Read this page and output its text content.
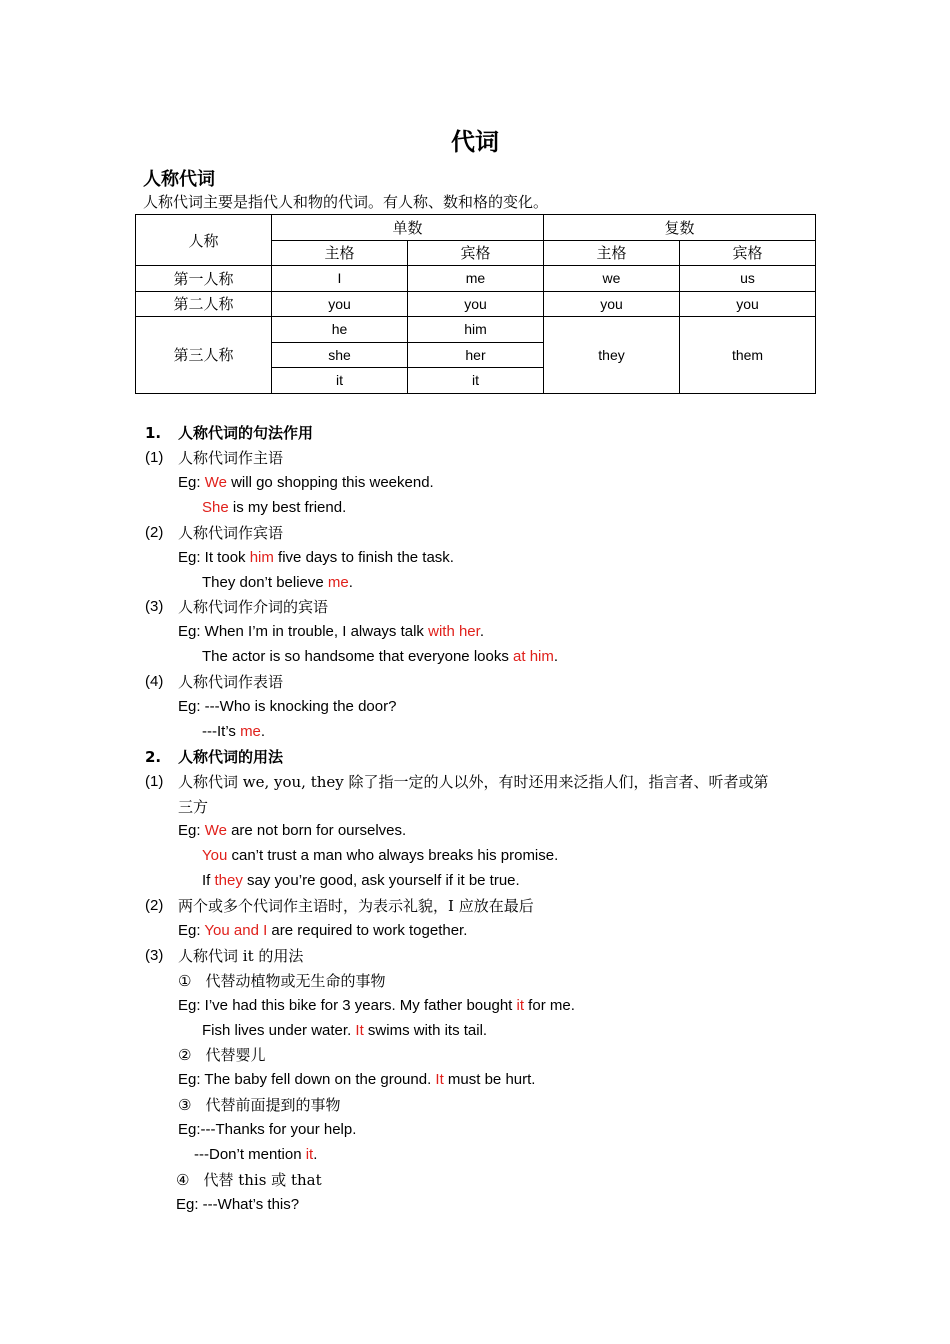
代词
人称代词
人称代词主要是指代人和物的代词。有人称、数和格的变化。
人称	单数		复数	
	主格	宾格	主格	宾格
第一人称	I	me	we	us
第二人称	you	you	you	you
第三人称	he	him	they	them
	she	her		
	it	it		
1. 人称代词的句法作用
(1) 人称代词作主语
Eg: We will go shopping this weekend.
She is my best friend.
(2) 人称代词作宾语
Eg: It took him five days to finish the task.
They don’t believe me.
(3) 人称代词作介词的宾语
Eg: When I’m in trouble, I always talk with her.
The actor is so handsome that everyone looks at him.
(4) 人称代词作表语
Eg: ---Who is knocking the door?
---It’s me.
2. 人称代词的用法
(1) 人称代词 we, you, they 除了指一定的人以外，有时还用来泛指人们，指言者、听者或第
三方
Eg: We are not born for ourselves.
You can’t trust a man who always breaks his promise.
If they say you’re good, ask yourself if it be true.
(2) 两个或多个代词作主语时，为表示礼貌，I 应放在最后
Eg: You and I are required to work together.
(3) 人称代词 it 的用法
① 代替动植物或无生命的事物
Eg: I’ve had this bike for 3 years. My father bought it for me.
Fish lives under water. It swims with its tail.
② 代替婴儿
Eg: The baby fell down on the ground. It must be hurt.
③ 代替前面提到的事物
Eg:---Thanks for your help.
---Don’t mention it.
④ 代替 this 或 that
Eg: ---What’s this?
